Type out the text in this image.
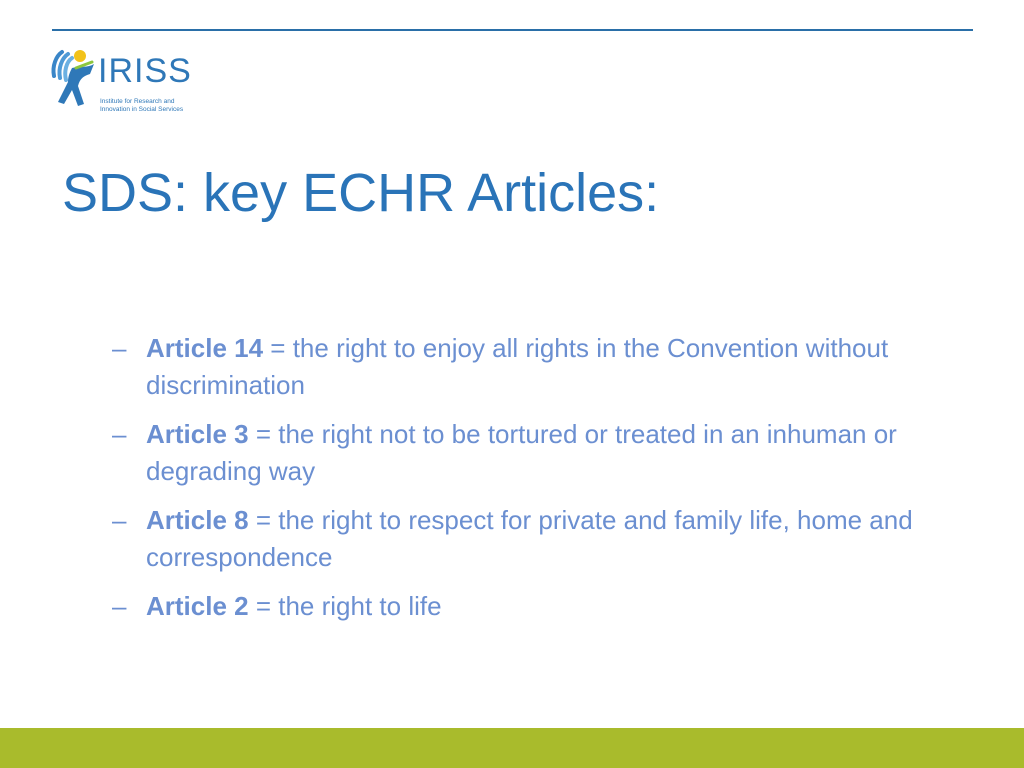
IRISS
Institute for Research and
Innovation in Social Services
SDS: key ECHR Articles:
– Article 14 = the right to enjoy all rights in the Convention without discrimination
– Article 3 = the right not to be tortured or treated in an inhuman or degrading way
– Article 8 = the right to respect for private and family life, home and correspondence
– Article 2 = the right to life
